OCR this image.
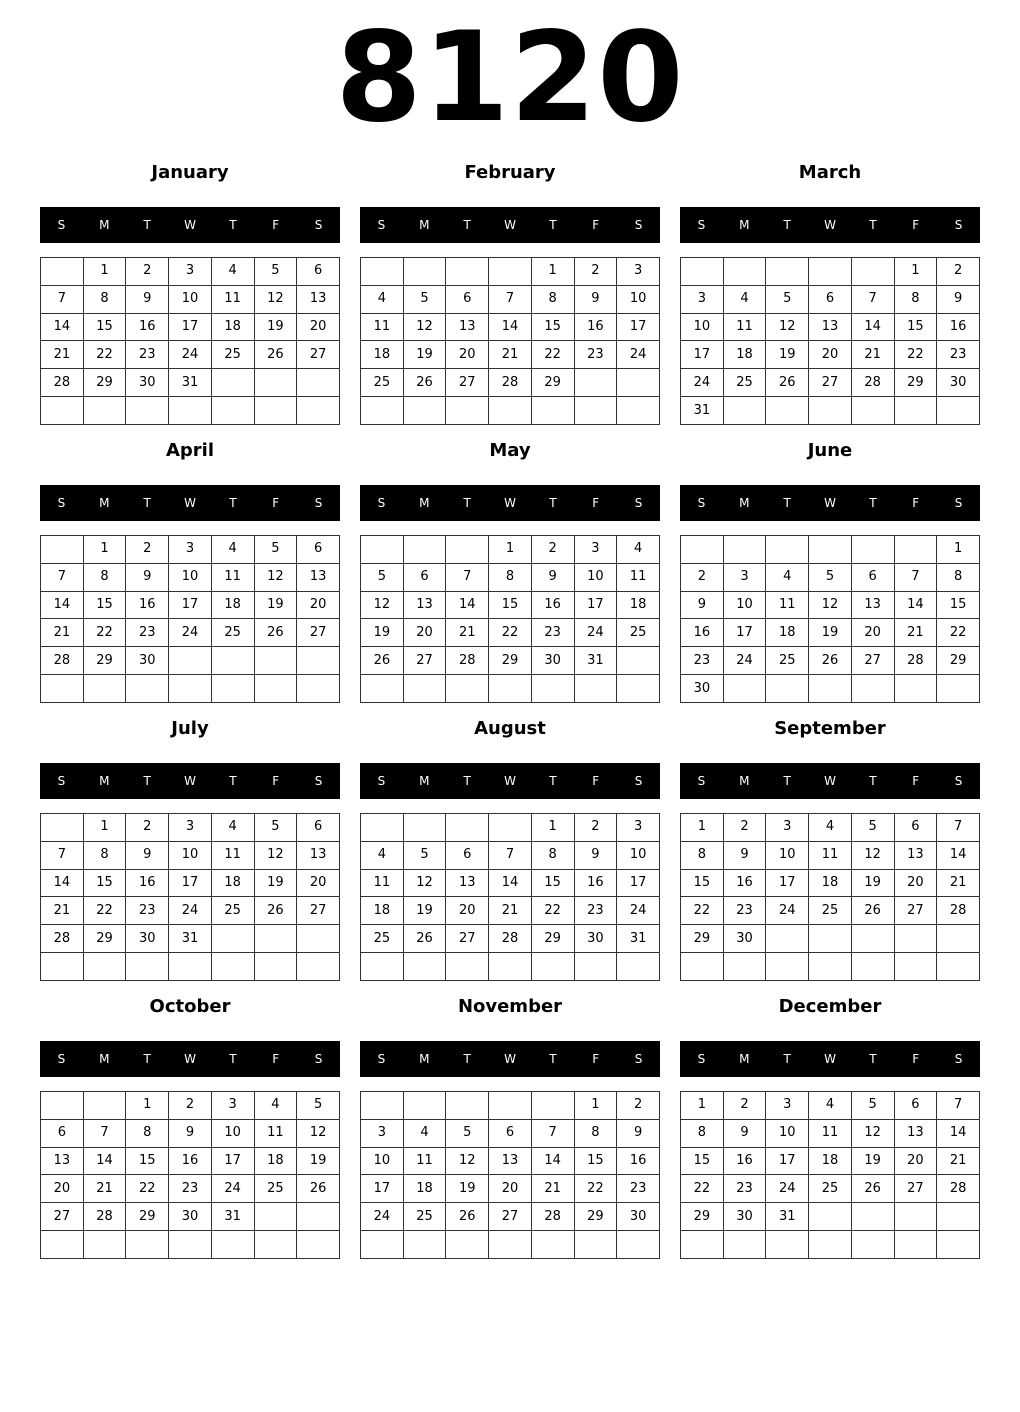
8120
January
S	M	T	W	T	F	S
	1	2	3	4	5	6
7	8	9	10	11	12	13
14	15	16	17	18	19	20
21	22	23	24	25	26	27
28	29	30	31			

February
S	M	T	W	T	F	S
				1	2	3
4	5	6	7	8	9	10
11	12	13	14	15	16	17
18	19	20	21	22	23	24
25	26	27	28	29		

March
S	M	T	W	T	F	S
					1	2
3	4	5	6	7	8	9
10	11	12	13	14	15	16
17	18	19	20	21	22	23
24	25	26	27	28	29	30
31						
April
S	M	T	W	T	F	S
	1	2	3	4	5	6
7	8	9	10	11	12	13
14	15	16	17	18	19	20
21	22	23	24	25	26	27
28	29	30				

May
S	M	T	W	T	F	S
			1	2	3	4
5	6	7	8	9	10	11
12	13	14	15	16	17	18
19	20	21	22	23	24	25
26	27	28	29	30	31	

June
S	M	T	W	T	F	S
						1
2	3	4	5	6	7	8
9	10	11	12	13	14	15
16	17	18	19	20	21	22
23	24	25	26	27	28	29
30						
July
S	M	T	W	T	F	S
	1	2	3	4	5	6
7	8	9	10	11	12	13
14	15	16	17	18	19	20
21	22	23	24	25	26	27
28	29	30	31			

August
S	M	T	W	T	F	S
				1	2	3
4	5	6	7	8	9	10
11	12	13	14	15	16	17
18	19	20	21	22	23	24
25	26	27	28	29	30	31

September
S	M	T	W	T	F	S
1	2	3	4	5	6	7
8	9	10	11	12	13	14
15	16	17	18	19	20	21
22	23	24	25	26	27	28
29	30					

October
S	M	T	W	T	F	S
		1	2	3	4	5
6	7	8	9	10	11	12
13	14	15	16	17	18	19
20	21	22	23	24	25	26
27	28	29	30	31		

November
S	M	T	W	T	F	S
					1	2
3	4	5	6	7	8	9
10	11	12	13	14	15	16
17	18	19	20	21	22	23
24	25	26	27	28	29	30

December
S	M	T	W	T	F	S
1	2	3	4	5	6	7
8	9	10	11	12	13	14
15	16	17	18	19	20	21
22	23	24	25	26	27	28
29	30	31				
